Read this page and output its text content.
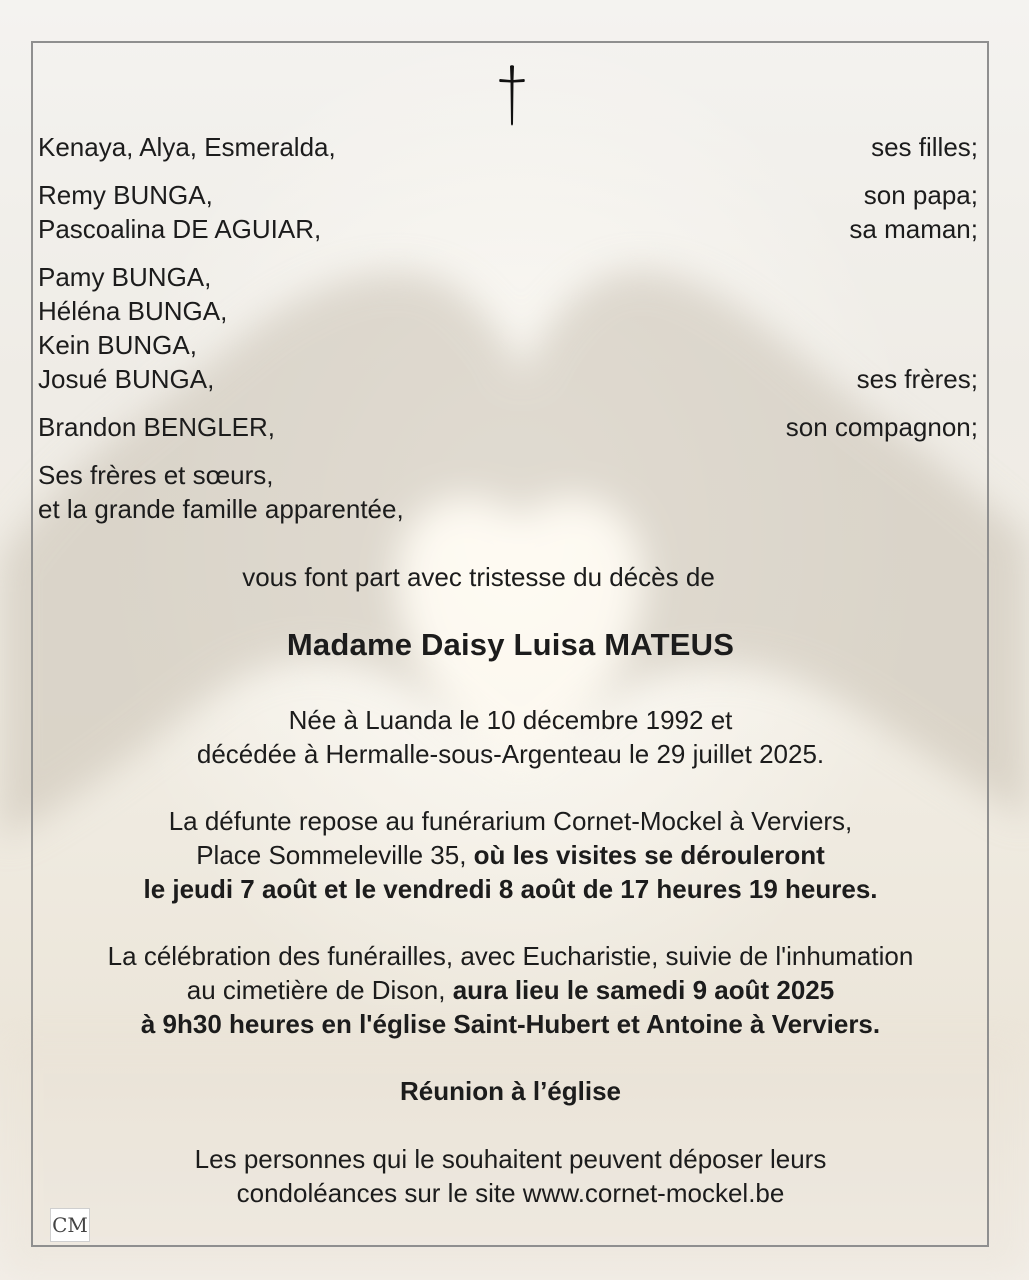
Kenaya, Alya, Esmeralda,	ses filles;
Remy BUNGA,	son papa;
Pascoalina DE AGUIAR,	sa maman;
Pamy BUNGA,
Héléna BUNGA,
Kein BUNGA,
Josué BUNGA,	ses frères;
Brandon BENGLER,	son compagnon;
Ses frères et sœurs,
et la grande famille apparentée,
vous font part avec tristesse du décès de
Madame Daisy Luisa MATEUS
Née à Luanda le 10 décembre 1992 et
décédée à Hermalle-sous-Argenteau le 29 juillet 2025.
La défunte repose au funérarium Cornet-Mockel à Verviers,
Place Sommeleville 35, où les visites se dérouleront
le jeudi 7 août et le vendredi 8 août de 17 heures 19 heures.
La célébration des funérailles, avec Eucharistie, suivie de l'inhumation
au cimetière de Dison, aura lieu le samedi 9 août 2025
à 9h30 heures en l'église Saint-Hubert et Antoine à Verviers.
Réunion à l’église
Les personnes qui le souhaitent peuvent déposer leurs
condoléances sur le site www.cornet-mockel.be
CM
